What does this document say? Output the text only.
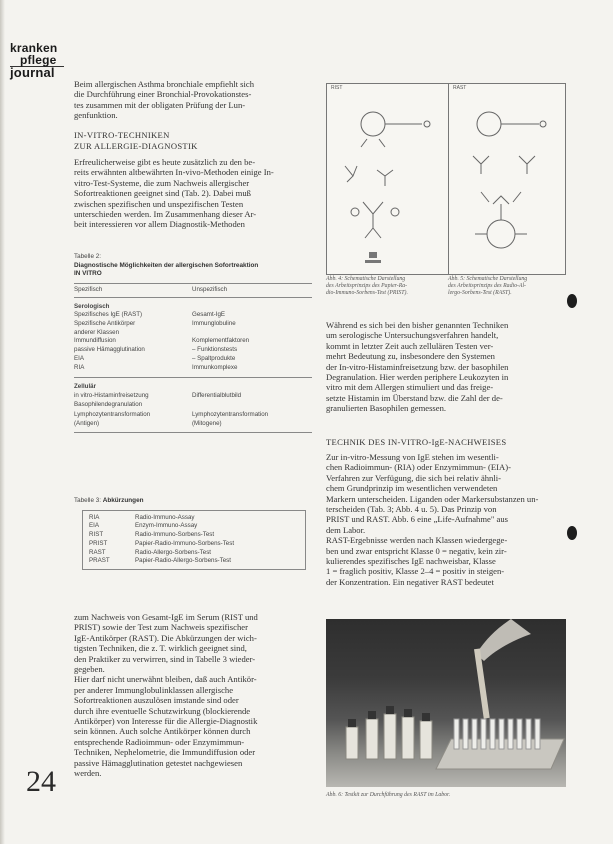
kranken
pflege
journal

Beim allergischen Asthma bronchiale empfiehlt sich

die Durchführung einer Bronchial-Provokationstes-

tes zusammen mit der obligaten Prüfung der Lun-

genfunktion.

IN-VITRO-TECHNIKEN

ZUR ALLERGIE-DIAGNOSTIK

Erfreulicherweise gibt es heute zusätzlich zu den be-

reits erwähnten altbewährten In-vivo-Methoden einige In-

vitro-Test-Systeme, die zum Nachweis allergischer

Sofortreaktionen geeignet sind (Tab. 2). Dabei muß

zwischen spezifischen und unspezifischen Testen

unterschieden werden. Im Zusammenhang dieser Ar-

beit interessieren vor allem Diagnostik-Methoden

Tabelle 2:
Diagnostische Möglichkeiten der allergischen Sofortreaktion
IN VITRO
Spezifisch	Unspezifisch
Serologisch
Spezifisches IgE (RAST)	Gesamt-IgE
Spezifische Antikörper	Immunglobuline
anderer Klassen
Immundiffusion	Komplementfaktoren
passive Hämagglutination	– Funktionstests
EIA	– Spaltprodukte
RIA	Immunkomplexe
Zellulär
in vitro-Histaminfreisetzung	Differentialblutbild
Basophilendegranulation
Lymphozytentransformation	Lymphozytentransformation
(Antigen)	(Mitogene)
Tabelle 3: Abkürzungen
RIA	Radio-Immuno-Assay
EIA	Enzym-Immuno-Assay
RIST	Radio-Immuno-Sorbens-Test
PRIST	Papier-Radio-Immuno-Sorbens-Test
RAST	Radio-Allergo-Sorbens-Test
PRAST	Papier-Radio-Allergo-Sorbens-Test

zum Nachweis von Gesamt-IgE im Serum (RIST und

PRIST) sowie der Test zum Nachweis spezifischer

IgE-Antikörper (RAST). Die Abkürzungen der wich-

tigsten Techniken, die z. T. wirklich geeignet sind,

den Praktiker zu verwirren, sind in Tabelle 3 wieder-

gegeben.

Hier darf nicht unerwähnt bleiben, daß auch Antikör-

per anderer Immunglobulinklassen allergische

Sofortreaktionen auszulösen imstande sind oder

durch ihre eventuelle Schutzwirkung (blockierende

Antikörper) von Interesse für die Allergie-Diagnostik

sein können. Auch solche Antikörper können durch

entsprechende Radioimmun- oder Enzymimmun-

Techniken, Nephelometrie, die Immundiffusion oder

passive Hämagglutination getestet nachgewiesen

werden.

24
RIST	RAST
Abb. 4: Schematische Darstellung
des Arbeitsprinzips des Papier-Ra-
dio-Immuno-Sorbens-Test (PRIST).
Abb. 5: Schematische Darstellung
des Arbeitsprinzips des Radio-Al-
lergo-Sorbens-Test (RAST).

Während es sich bei den bisher genannten Techniken

um serologische Untersuchungsverfahren handelt,

kommt in letzter Zeit auch zellulären Testen ver-

mehrt Bedeutung zu, insbesondere den Systemen

der In-vitro-Histaminfreisetzung bzw. der basophilen

Degranulation. Hier werden periphere Leukozyten in

vitro mit dem Allergen stimuliert und das freige-

setzte Histamin im Überstand bzw. die Zahl der de-

granulierten Basophilen gemessen.

TECHNIK DES IN-VITRO-IgE-NACHWEISES

Zur in-vitro-Messung von IgE stehen im wesentli-

chen Radioimmun- (RIA) oder Enzymimmun- (EIA)-

Verfahren zur Verfügung, die sich bei relativ ähnli-

chem Grundprinzip im wesentlichen verwendeten

Markern unterscheiden. Liganden oder Markersubstanzen un-

terscheiden (Tab. 3; Abb. 4 u. 5). Das Prinzip von

PRIST und RAST. Abb. 6 eine „Life-Aufnahme" aus

dem Labor.

RAST-Ergebnisse werden nach Klassen wiedergege-

ben und zwar entspricht Klasse 0 = negativ, kein zir-

kulierendes spezifisches IgE nachweisbar, Klasse

1 = fraglich positiv, Klasse 2–4 = positiv in steigen-

der Konzentration. Ein negativer RAST bedeutet

Abb. 6: Testkit zur Durchführung des RAST im Labor.
